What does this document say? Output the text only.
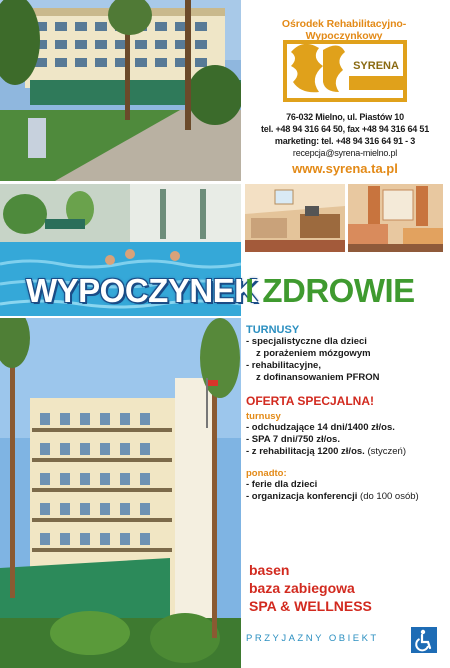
Ośrodek Rehabilitacyjno-Wypoczynkowy
SYRENA
76-032 Mielno, ul. Piastów 10
tel. +48 94 316 64 50, fax +48 94 316 64 51
marketing: tel. +48 94 316 64 91 - 3
recepcja@syrena-mielno.pl
www.syrena.ta.pl
WYPOCZYNEK
I ZDROWIE
TURNUSY
- specjalistyczne dla dzieci
z porażeniem mózgowym
- rehabilitacyjne,
z dofinansowaniem PFRON
OFERTA SPECJALNA!
turnusy
- odchudzające 14 dni/1400 zł/os.
- SPA 7 dni/750 zł/os.
- z rehabilitacją 1200 zł/os. (styczeń)
ponadto:
- ferie dla dzieci
- organizacja konferencji (do 100 osób)
basen
baza zabiegowa
SPA & WELLNESS
PRZYJAZNY OBIEKT
